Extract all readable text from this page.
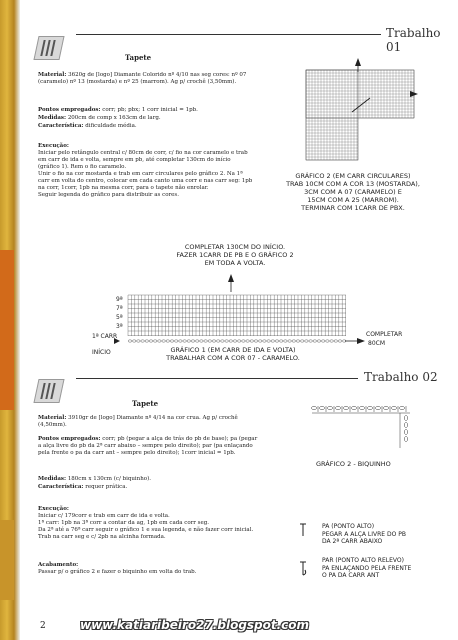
Trabalho 01
Tapete
Material: 3620g de [logo] Diamante Colorido nº 4/10 nas seg cores: nº 07 (caramelo) nº 13 (mostarda) e nº 25 (marrom). Ag p/ crochê (3,50mm).
Pontos empregados: corr; pb; pbx; 1 corr inicial = 1pb.
Medidas: 200cm de comp x 163cm de larg.
Característica: dificuldade média.
Execução:
Iniciar pelo retângulo central c/ 80cm de corr, c/ fio na cor caramelo e trab em carr de ida e volta, sempre em pb, até completar 130cm do início (gráfico 1). Rem o fio caramelo.
Unir o fio na cor mostarda e trab em carr circulares pelo gráfico 2. Na 1ª carr em volta do centro, colocar em cada canto uma corr e nas carr seg: 1pb na corr, 1corr, 1pb na mesma corr, para o tapete não enrolar.
Seguir legenda do gráfico para distribuir as cores.
GRÁFICO 2 (EM CARR CIRCULARES)
TRAB 10CM COM A COR 13 (MOSTARDA),
3CM COM A 07 (CARAMELO) E
15CM COM A 25 (MARROM).
TERMINAR COM 1CARR DE PBX.
COMPLETAR 130CM DO INÍCIO.
FAZER 1CARR DE PB E O GRÁFICO 2
EM TODA A VOLTA.
9ª
7ª
5ª
3ª
1ª CARR
INÍCIO
COMPLETAR
80CM
GRÁFICO 1 (EM CARR DE IDA E VOLTA)
TRABALHAR COM A COR 07 - CARAMELO.
Trabalho 02
Tapete
Material: 3910gr de [logo] Diamante nº 4/14 na cor crua. Ag p/ crochê (4,50mm).
Pontos empregados: corr; pb (pegar a alça de trás do pb de base); pa (pegar a alça livre do pb da 2ª carr abaixo – sempre pelo direito); par (pa enlaçando pela frente o pa da carr ant – sempre pelo direito); 1corr inicial = 1pb.
Medidas: 180cm x 130cm (c/ biquinho).
Característica: requer prática.
Execução:
Iniciar c/ 179corr e trab em carr de ida e volta.
1ª carr: 1pb na 3ª corr a contar da ag, 1pb em cada corr seg.
Da 2ª até a 76ª carr seguir o gráfico 1 e sua legenda, e não fazer corr inicial. Trab na carr seg e c/ 2pb na alcinha formada.
Acabamento:
Passar p/ o gráfico 2 e fazer o biquinho em volta do trab.
GRÁFICO 2 - BIQUINHO
PA (PONTO ALTO)
PEGAR A ALÇA LIVRE DO PB
DA 2ª CARR ABAIXO
PAR (PONTO ALTO RELEVO)
PA ENLAÇANDO PELA FRENTE
O PA DA CARR ANT
2	www.katiaribeiro27.blogspot.com
